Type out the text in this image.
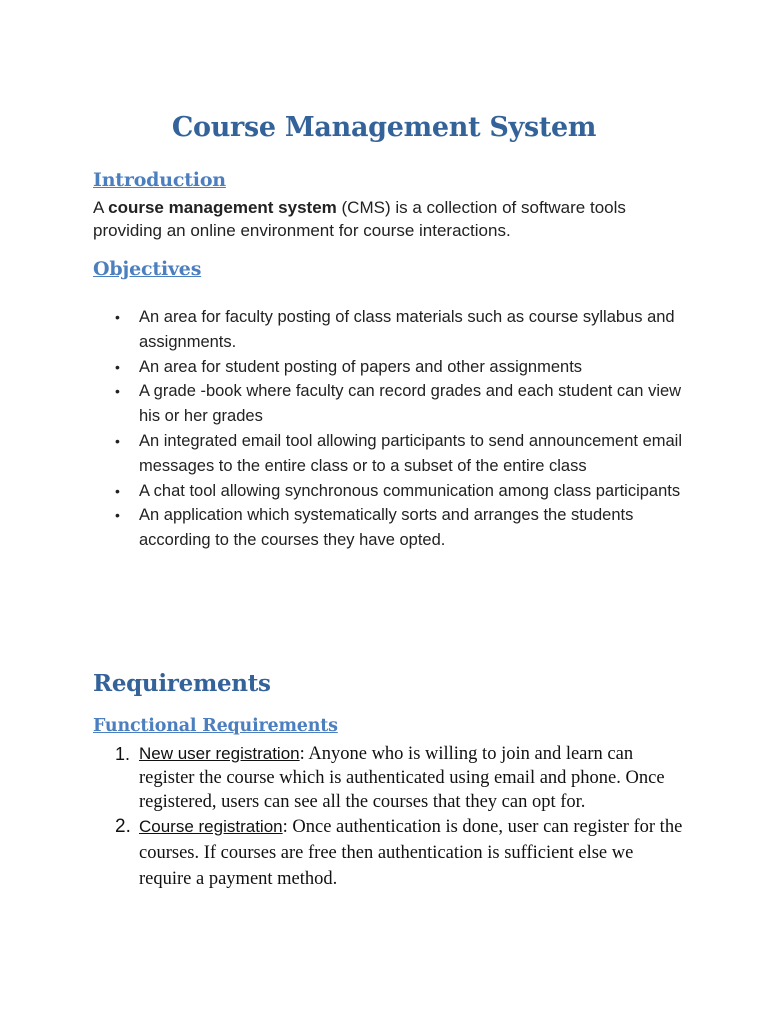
Course Management System
Introduction

A course management system (CMS) is a collection of software tools providing an online environment for course interactions.

Objectives
• An area for faculty posting of class materials such as course syllabus and assignments.
• An area for student posting of papers and other assignments
• A grade -book where faculty can record grades and each student can view his or her grades
• An integrated email tool allowing participants to send announcement email messages to the entire class or to a subset of the entire class
• A chat tool allowing synchronous communication among class participants
• An application which systematically sorts and arranges the students according to the courses they have opted.
Requirements
Functional Requirements
1. New user registration: Anyone who is willing to join and learn can register the course which is authenticated using email and phone. Once registered, users can see all the courses that they can opt for.
2. Course registration: Once authentication is done, user can register for the courses. If courses are free then authentication is sufficient else we require a payment method.
